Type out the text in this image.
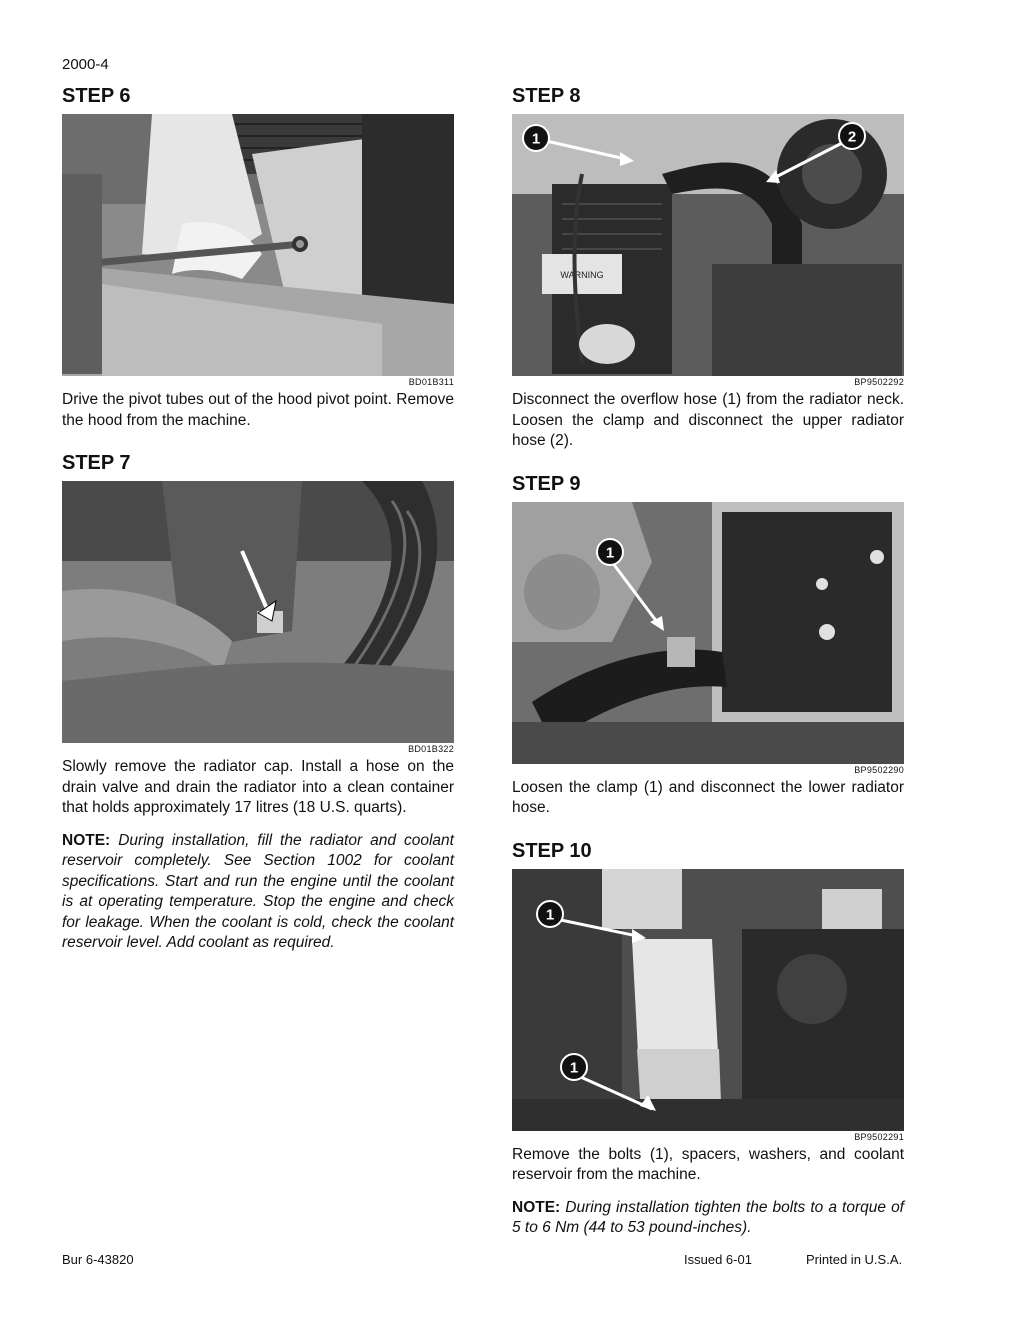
2000-4
STEP 6
BD01B311

Drive the pivot tubes out of the hood pivot point. Remove the hood from the machine.

STEP 7
BD01B322

Slowly remove the radiator cap. Install a hose on the drain valve and drain the radiator into a clean container that holds approximately 17 litres (18 U.S. quarts).

NOTE: During installation, fill the radiator and coolant reservoir completely. See Section 1002 for coolant specifications. Start and run the engine until the coolant is at operating temperature. Stop the engine and check for leakage. When the coolant is cold, check the coolant reservoir level. Add coolant as required.

STEP 8
WARNING
1	2
BP9502292

Disconnect the overflow hose (1) from the radiator neck. Loosen the clamp and disconnect the upper radiator hose (2).

STEP 9
1
BP9502290

Loosen the clamp (1) and disconnect the lower radiator hose.

STEP 10
1
1
BP9502291

Remove the bolts (1), spacers, washers, and coolant reservoir from the machine.

NOTE: During installation tighten the bolts to a torque of 5 to 6 Nm (44 to 53 pound-inches).

Bur 6-43820	Issued 6-01	Printed in U.S.A.
